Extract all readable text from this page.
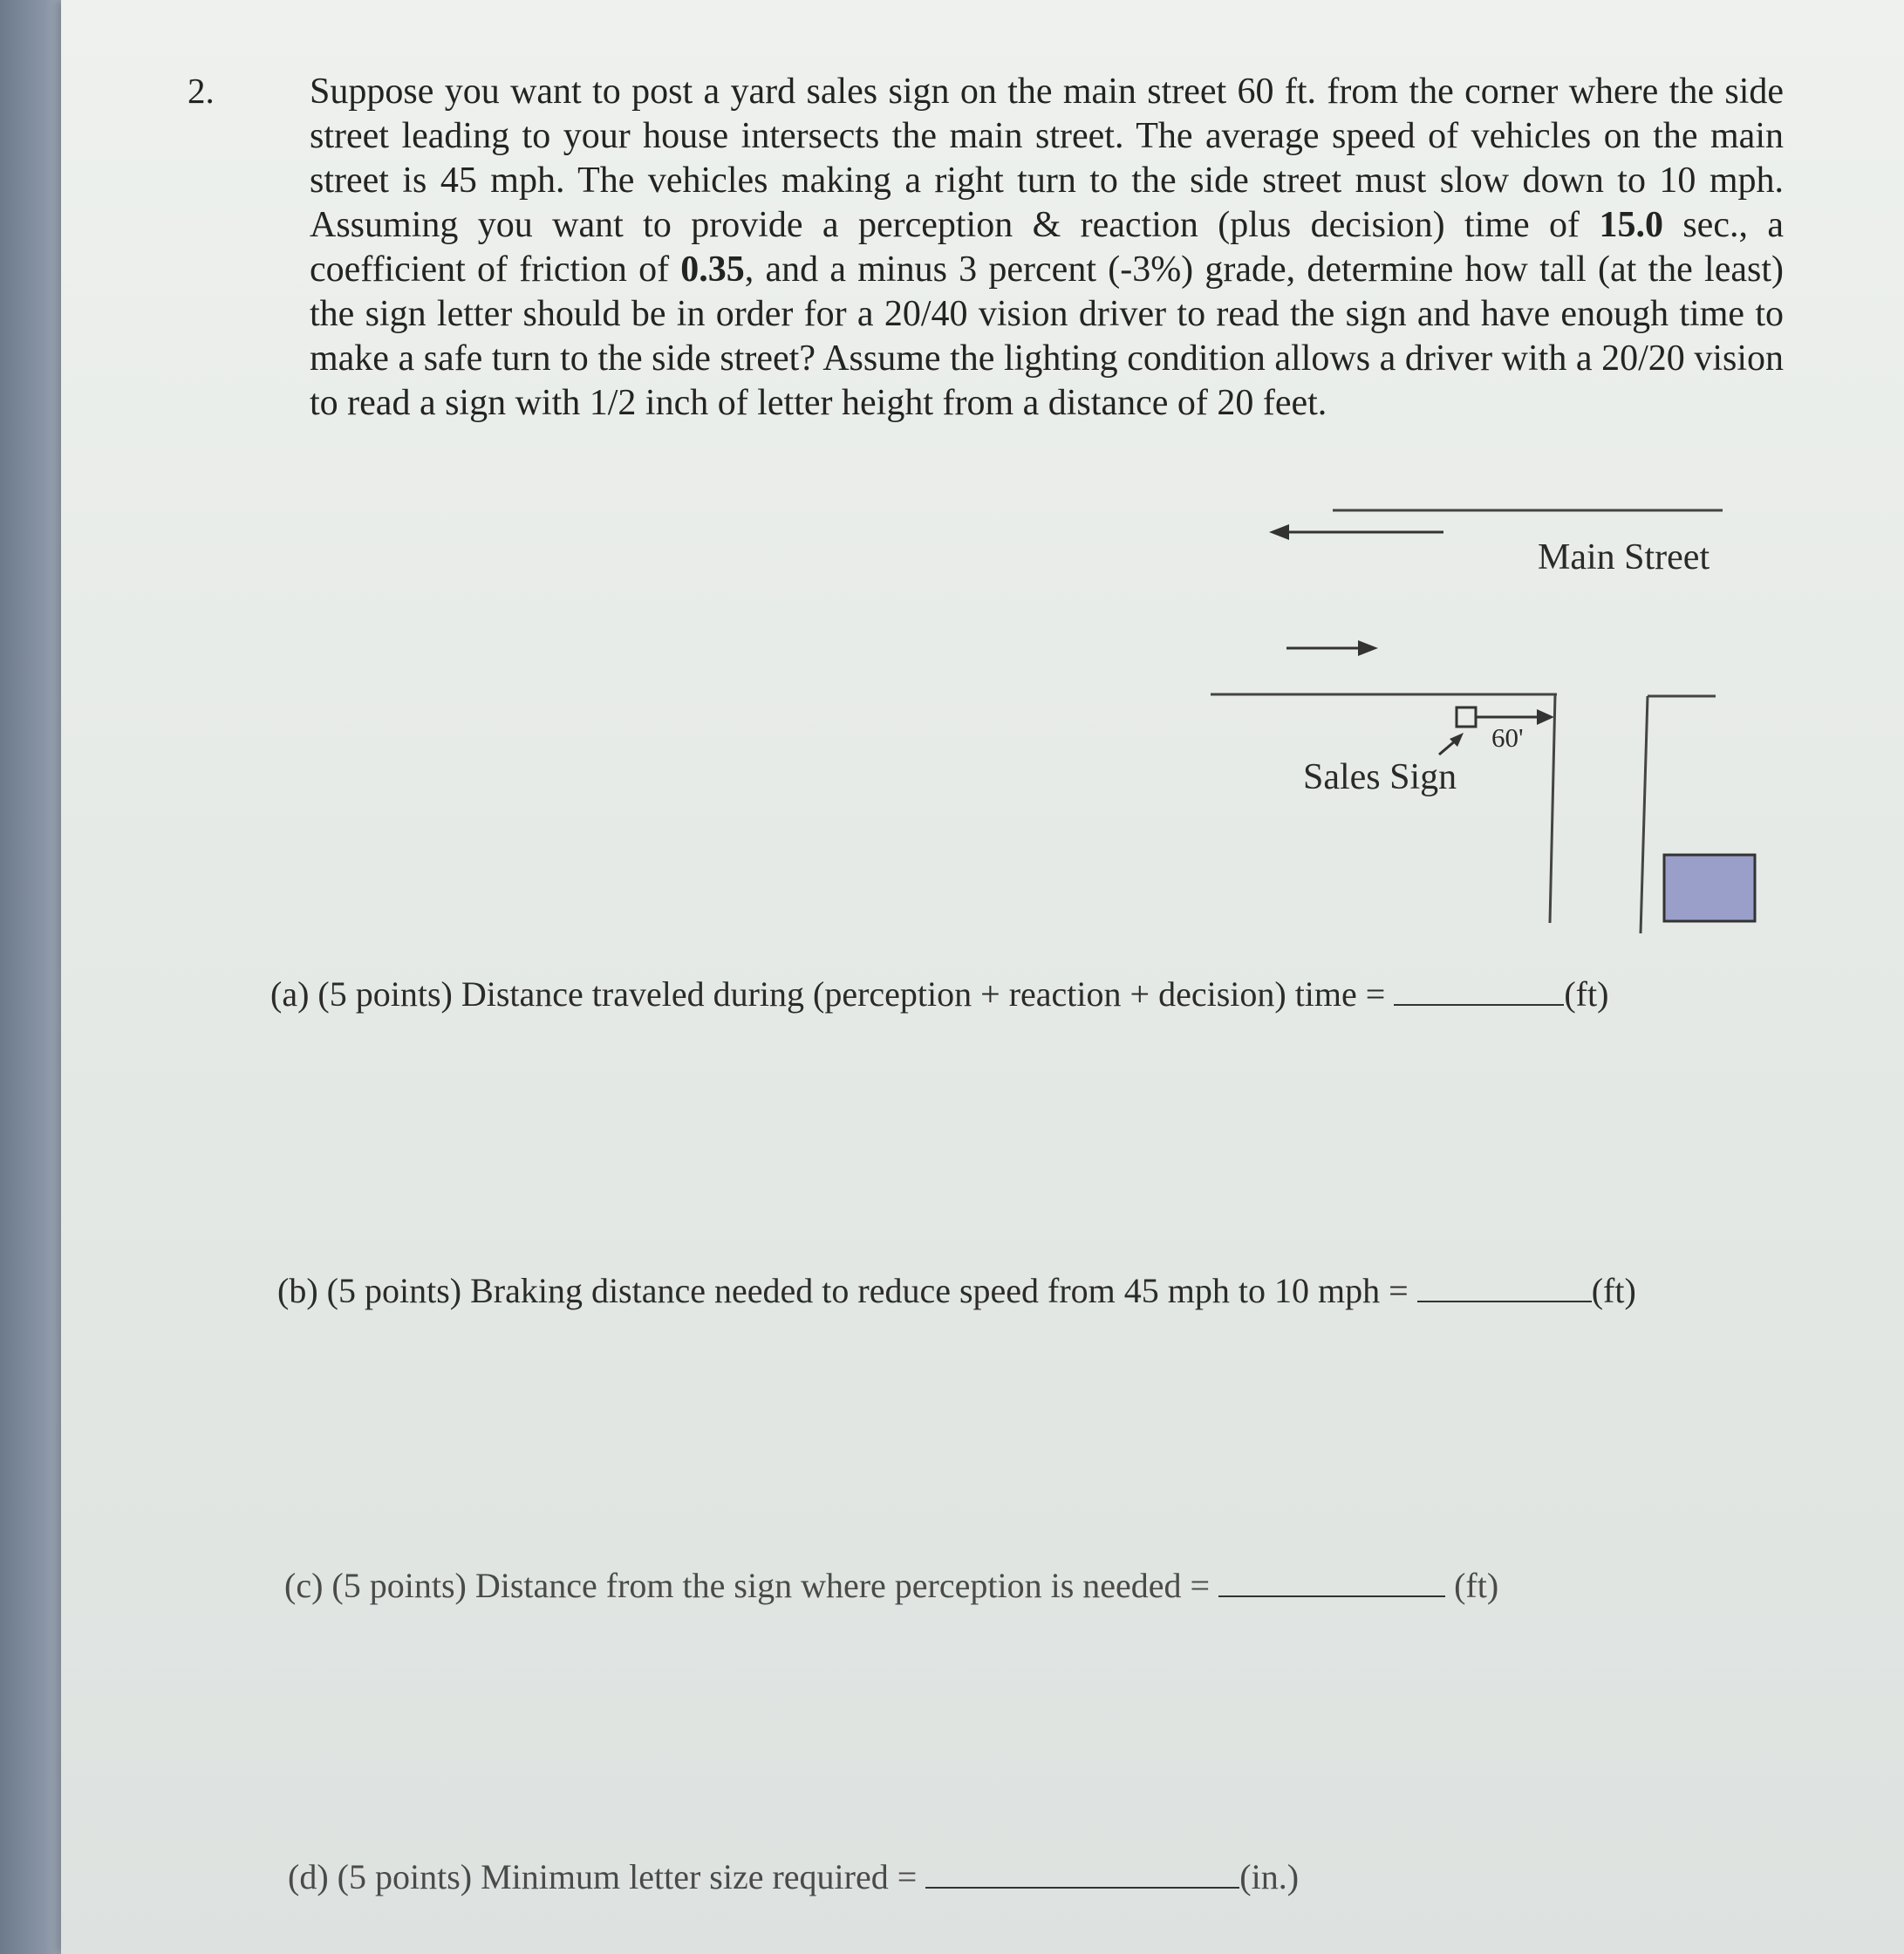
2.	Suppose you want to post a yard sales sign on the main street 60 ft. from the corner where the side street leading to your house intersects the main street. The average speed of vehicles on the main street is 45 mph. The vehicles making a right turn to the side street must slow down to 10 mph. Assuming you want to provide a perception & reaction (plus decision) time of 15.0 sec., a coefficient of friction of 0.35, and a minus 3 percent (-3%) grade, determine how tall (at the least) the sign letter should be in order for a 20/40 vision driver to read the sign and have enough time to make a safe turn to the side street? Assume the lighting condition allows a driver with a 20/20 vision to read a sign with 1/2 inch of letter height from a distance of 20 feet.
Main Street
60'
Sales Sign
(a) (5 points) Distance traveled during (perception + reaction + decision) time =	(ft)
(b) (5 points) Braking distance needed to reduce speed from 45 mph to 10 mph =	(ft)
(c) (5 points) Distance from the sign where perception is needed =	(ft)
(d) (5 points) Minimum letter size required =	(in.)
